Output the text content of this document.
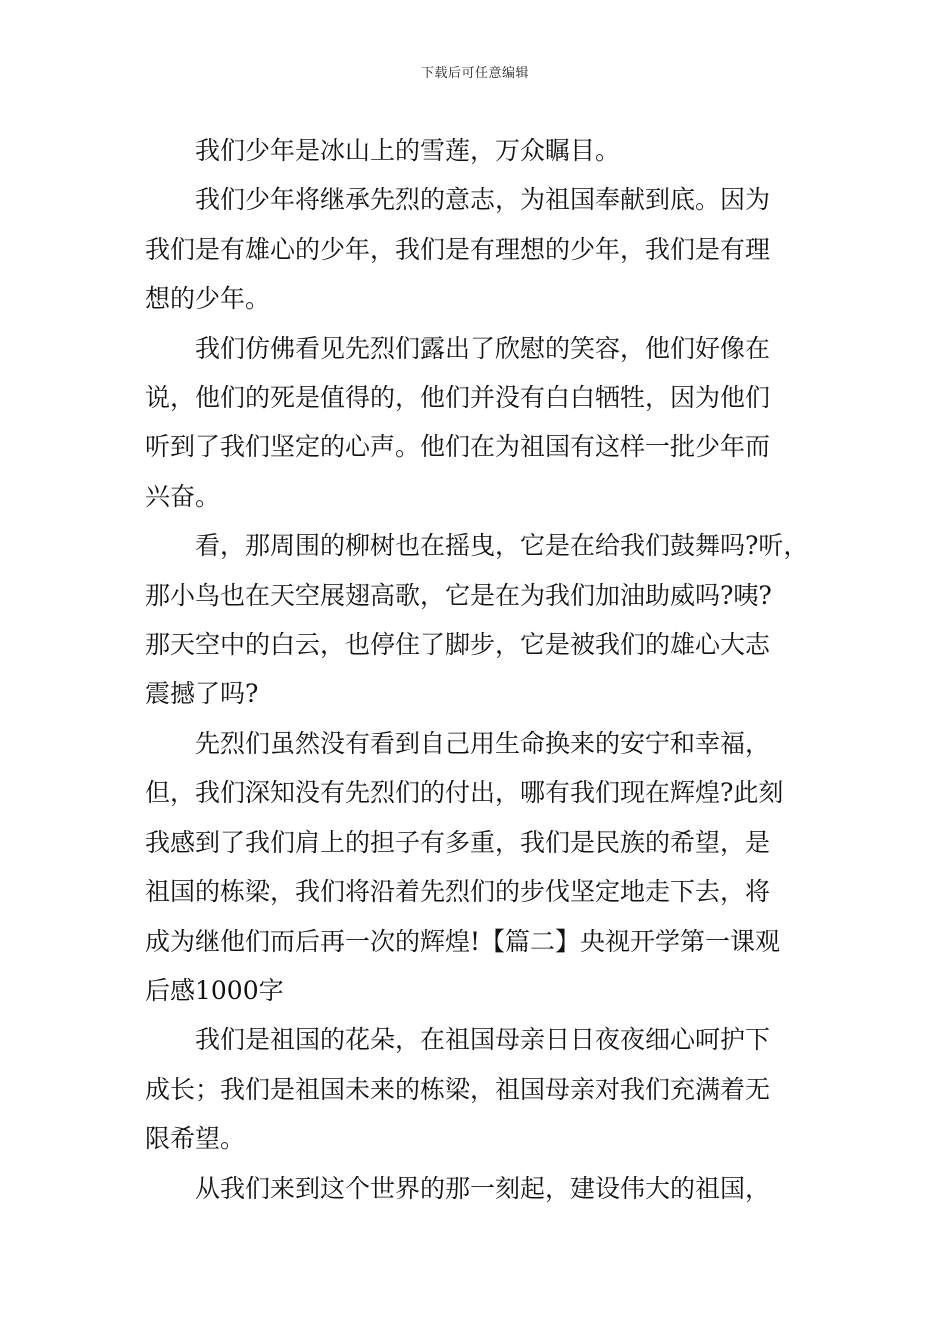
下载后可任意编辑

我们少年是冰山上的雪莲，万众瞩目。

我们少年将继承先烈的意志，为祖国奉献到底。因为
我们是有雄心的少年，我们是有理想的少年，我们是有理
想的少年。

我们仿佛看见先烈们露出了欣慰的笑容，他们好像在
说，他们的死是值得的，他们并没有白白牺牲，因为他们
听到了我们坚定的心声。他们在为祖国有这样一批少年而
兴奋。

看，那周围的柳树也在摇曳，它是在给我们鼓舞吗?听，
那小鸟也在天空展翅高歌，它是在为我们加油助威吗?咦?
那天空中的白云，也停住了脚步，它是被我们的雄心大志
震撼了吗?

先烈们虽然没有看到自己用生命换来的安宁和幸福，
但，我们深知没有先烈们的付出，哪有我们现在辉煌?此刻
我感到了我们肩上的担子有多重，我们是民族的希望，是
祖国的栋梁，我们将沿着先烈们的步伐坚定地走下去，将
成为继他们而后再一次的辉煌!【篇二】央视开学第一课观
后感1000字

我们是祖国的花朵，在祖国母亲日日夜夜细心呵护下
成长；我们是祖国未来的栋梁，祖国母亲对我们充满着无
限希望。

从我们来到这个世界的那一刻起，建设伟大的祖国，
